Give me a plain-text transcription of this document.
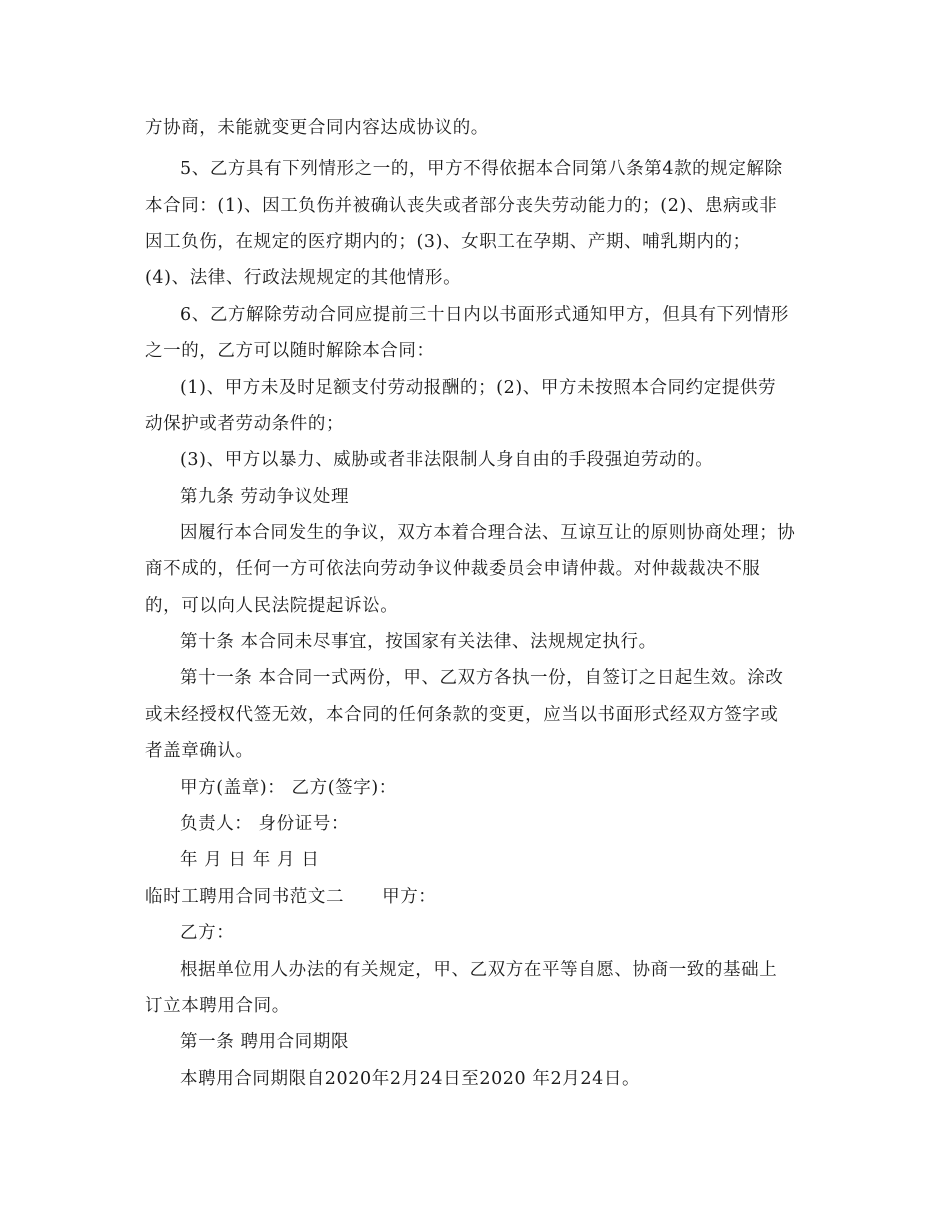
方协商，未能就变更合同内容达成协议的。
5、乙方具有下列情形之一的，甲方不得依据本合同第八条第4款的规定解除
本合同：(1)、因工负伤并被确认丧失或者部分丧失劳动能力的；(2)、患病或非
因工负伤，在规定的医疗期内的；(3)、女职工在孕期、产期、哺乳期内的；
(4)、法律、行政法规规定的其他情形。
6、乙方解除劳动合同应提前三十日内以书面形式通知甲方，但具有下列情形
之一的，乙方可以随时解除本合同：
(1)、甲方未及时足额支付劳动报酬的；(2)、甲方未按照本合同约定提供劳
动保护或者劳动条件的；
(3)、甲方以暴力、威胁或者非法限制人身自由的手段强迫劳动的。
第九条 劳动争议处理
因履行本合同发生的争议，双方本着合理合法、互谅互让的原则协商处理；协
商不成的，任何一方可依法向劳动争议仲裁委员会申请仲裁。对仲裁裁决不服
的，可以向人民法院提起诉讼。
第十条 本合同未尽事宜，按国家有关法律、法规规定执行。
第十一条 本合同一式两份，甲、乙双方各执一份，自签订之日起生效。涂改
或未经授权代签无效，本合同的任何条款的变更，应当以书面形式经双方签字或
者盖章确认。
甲方(盖章)： 乙方(签字)：
负责人： 身份证号：
年 月 日 年 月 日
临时工聘用合同书范文二 甲方：
乙方：
根据单位用人办法的有关规定，甲、乙双方在平等自愿、协商一致的基础上
订立本聘用合同。
第一条 聘用合同期限
本聘用合同期限自2020年2月24日至2020 年2月24日。
